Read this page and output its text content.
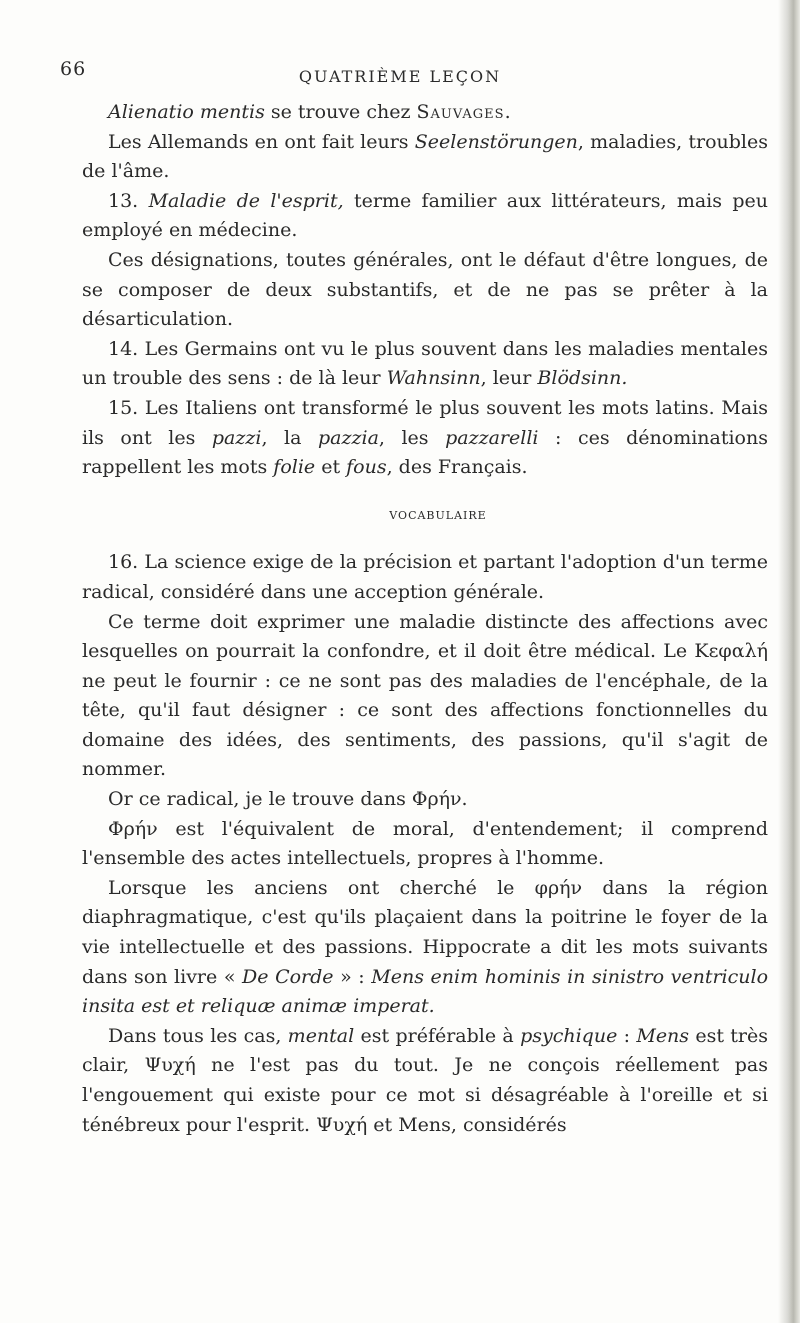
66	QUATRIÈME LEÇON

Alienatio mentis se trouve chez Sauvages.

Les Allemands en ont fait leurs Seelenstörungen, maladies, troubles de l'âme.

13. Maladie de l'esprit, terme familier aux littérateurs, mais peu employé en médecine.

Ces désignations, toutes générales, ont le défaut d'être longues, de se composer de deux substantifs, et de ne pas se prêter à la désarticulation.

14. Les Germains ont vu le plus souvent dans les maladies mentales un trouble des sens : de là leur Wahnsinn, leur Blödsinn.

15. Les Italiens ont transformé le plus souvent les mots latins. Mais ils ont les pazzi, la pazzia, les pazzarelli : ces dénominations rappellent les mots folie et fous, des Français.

VOCABULAIRE

16. La science exige de la précision et partant l'adoption d'un terme radical, considéré dans une acception générale.

Ce terme doit exprimer une maladie distincte des affections avec lesquelles on pourrait la confondre, et il doit être médical. Le Κεφαλή ne peut le fournir : ce ne sont pas des maladies de l'encéphale, de la tête, qu'il faut désigner : ce sont des affections fonctionnelles du domaine des idées, des sentiments, des passions, qu'il s'agit de nommer.

Or ce radical, je le trouve dans Φρήν.

Φρήν est l'équivalent de moral, d'entendement; il comprend l'ensemble des actes intellectuels, propres à l'homme.

Lorsque les anciens ont cherché le φρήν dans la région diaphragmatique, c'est qu'ils plaçaient dans la poitrine le foyer de la vie intellectuelle et des passions. Hippocrate a dit les mots suivants dans son livre « De Corde » : Mens enim hominis in sinistro ventriculo insita est et reliquæ animæ imperat.

Dans tous les cas, mental est préférable à psychique : Mens est très clair, Ψυχή ne l'est pas du tout. Je ne conçois réellement pas l'engouement qui existe pour ce mot si désagréable à l'oreille et si ténébreux pour l'esprit. Ψυχή et Mens, considérés
